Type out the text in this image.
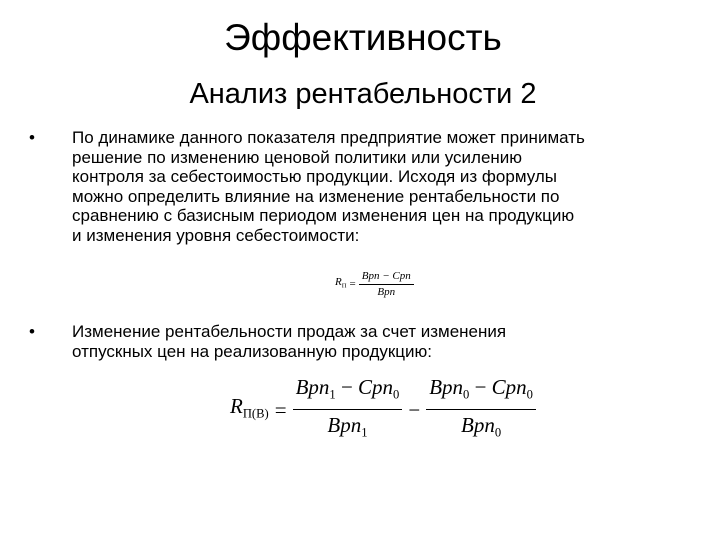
Эффективность
Анализ рентабельности 2
• По динамике данного показателя предприятие может принимать
решение по изменению ценовой политики или усилению
контроля за себестоимостью продукции. Исходя из формулы
можно определить влияние на изменение рентабельности по
сравнению с базисным периодом изменения цен на продукцию
и изменения уровня себестоимости:
$R_П = \frac{\text{Bpn − Cpn}}{\text{Bpn}}$
• Изменение рентабельности продаж за счет изменения
отпускных цен на реализованную продукцию:
$R_{П(В)} = \frac{Bpn_1 - Cpn_0}{Bpn_1} - \frac{Bpn_0 - Cpn_0}{Bpn_0}$
